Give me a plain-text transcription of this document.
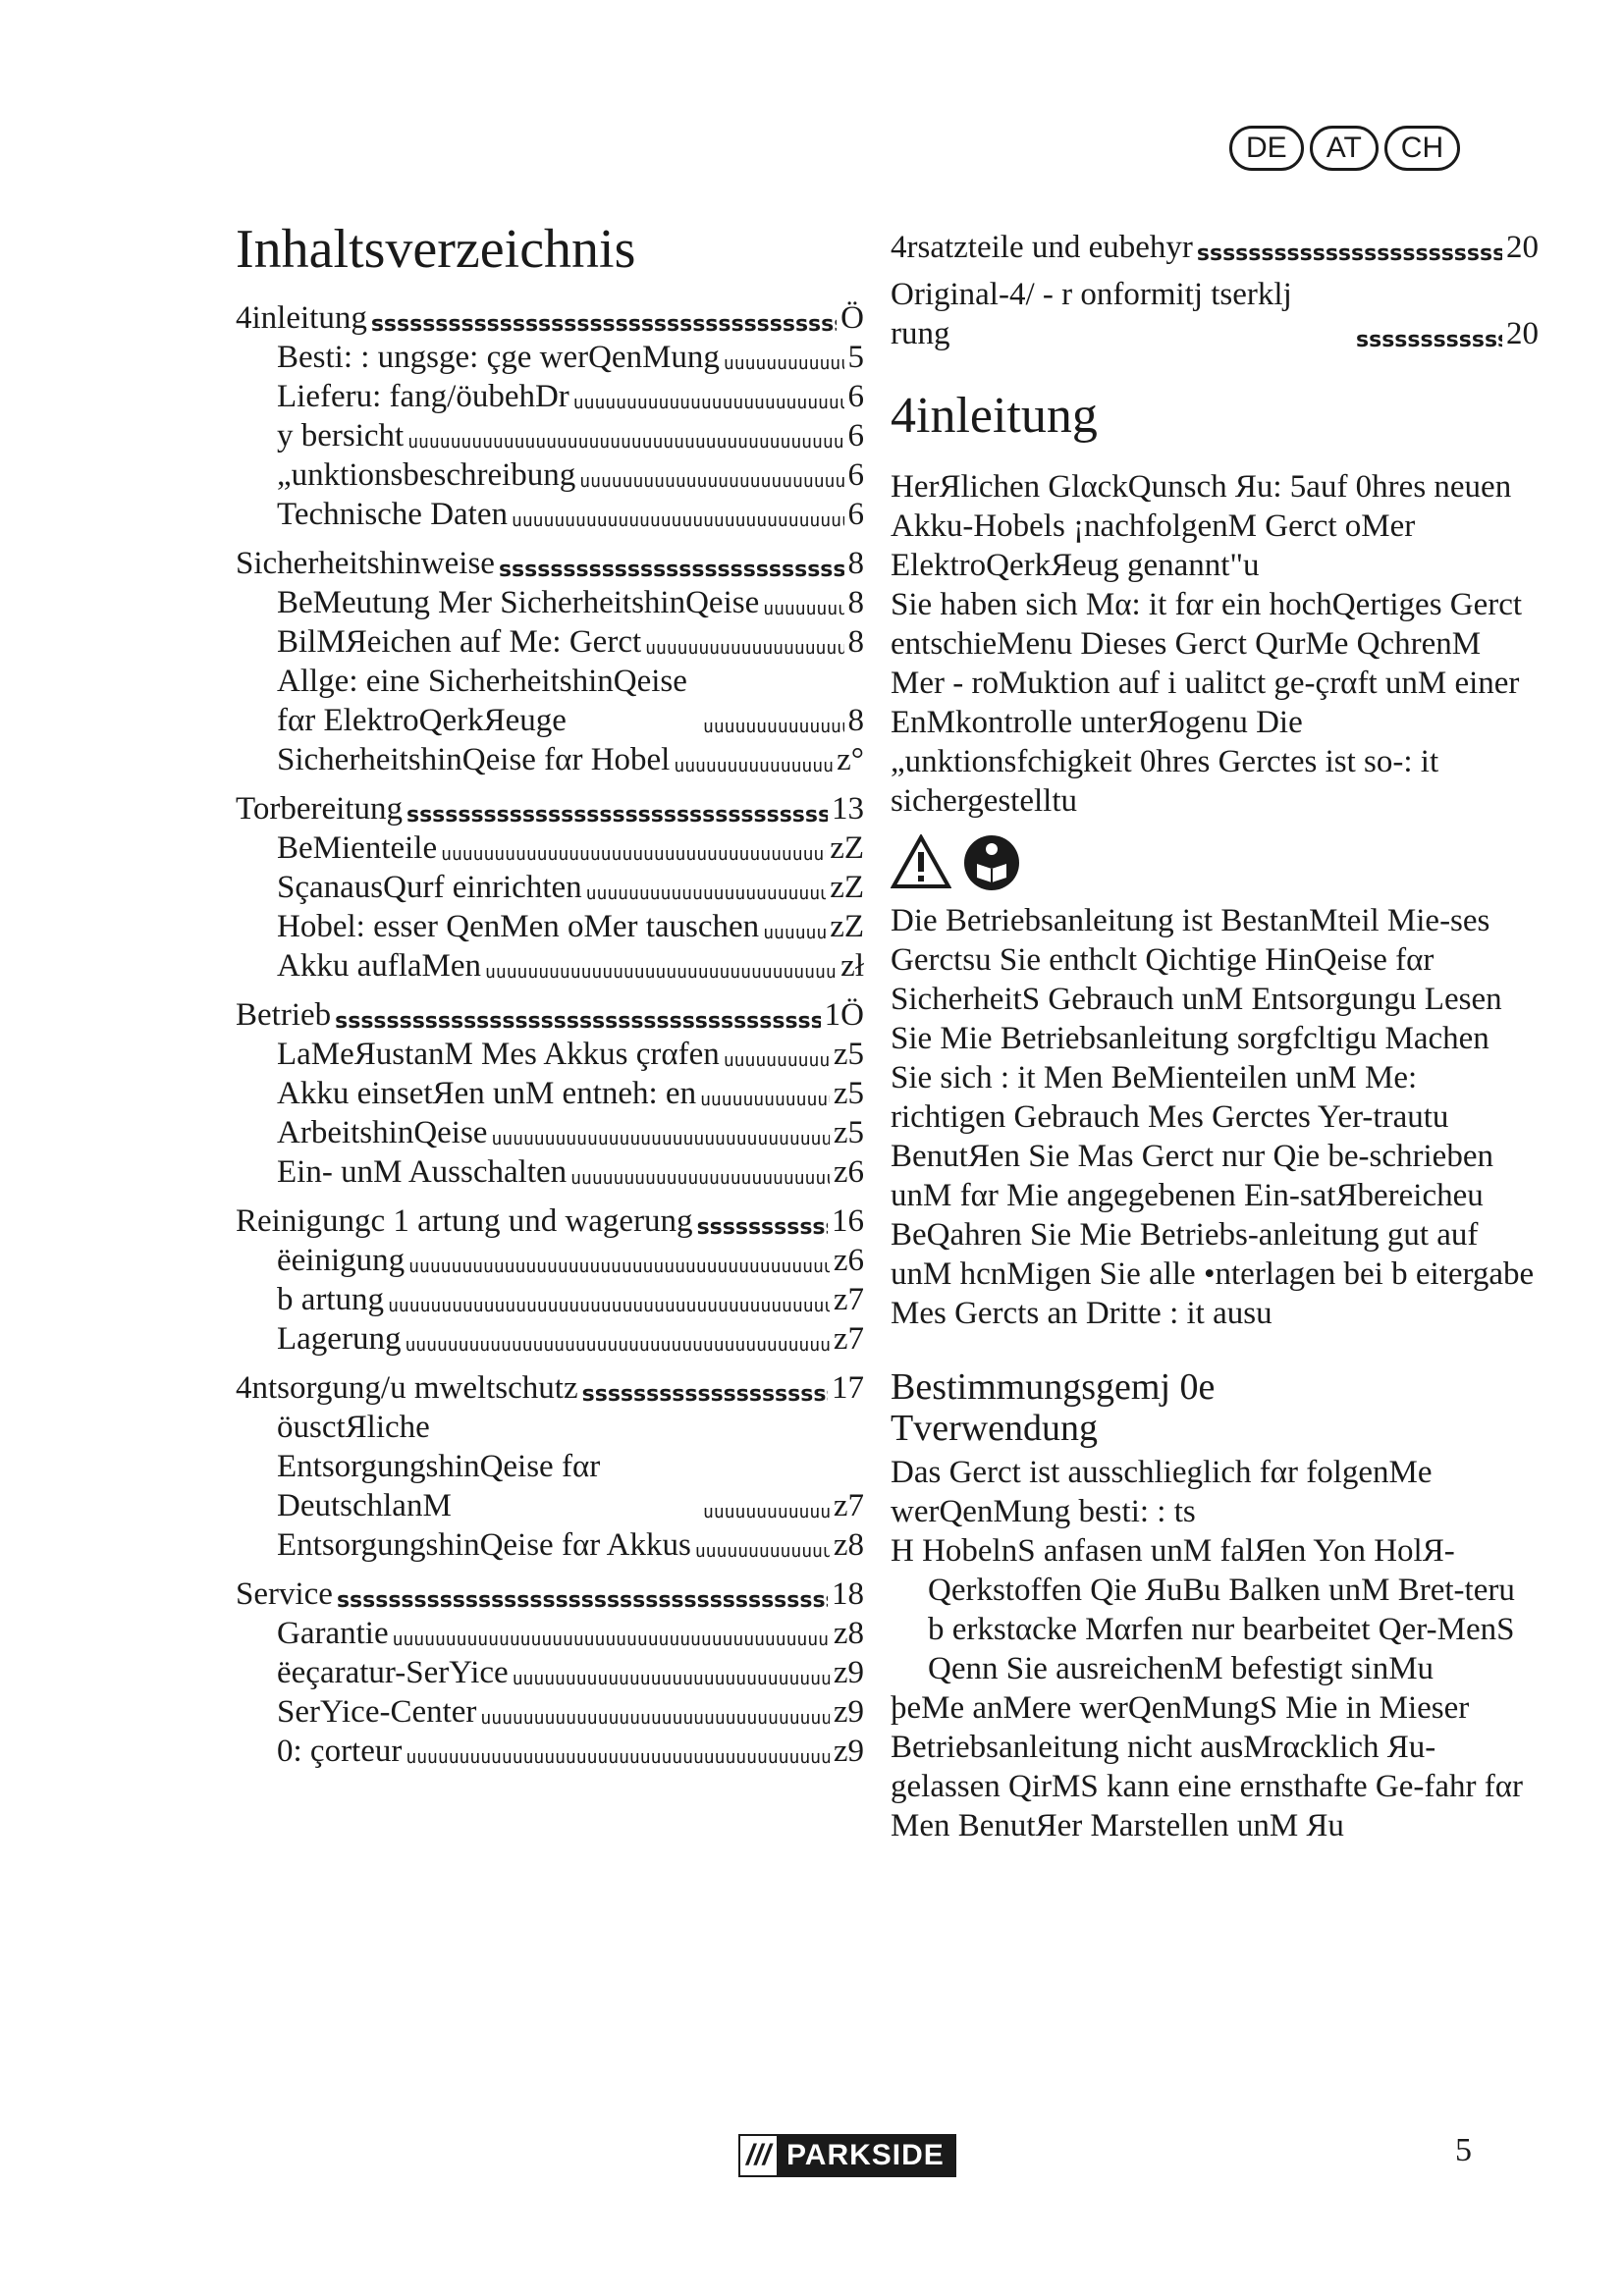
DE	AT	CH
Inhaltsverzeichnis
4inleitung ssssssssssssssssssssssssssssssssssssssssssssssssssssssssssssssssssssssssssssssssssssssssssss	Ö
Besti: : ungsge: çge werQenMung uuuuuuuuuuuuuuuuuuuuuuuuuuuuuuuuuuuuuuuuuuuuuuuuuuuuuuuuuuuuuuuuuuuuuuuuuuuuuuuuuuuuuuuuuuuu	5
Lieferu: fang/öubehDr uuuuuuuuuuuuuuuuuuuuuuuuuuuuuuuuuuuuuuuuuuuuuuuuuuuuuuuuuuuuuuuuuuuuuuuuuuuuuuuuuuuuuuuuuuuu	6
y bersicht uuuuuuuuuuuuuuuuuuuuuuuuuuuuuuuuuuuuuuuuuuuuuuuuuuuuuuuuuuuuuuuuuuuuuuuuuuuuuuuuuuuuuuuuuuuu	6
„unktionsbeschreibung uuuuuuuuuuuuuuuuuuuuuuuuuuuuuuuuuuuuuuuuuuuuuuuuuuuuuuuuuuuuuuuuuuuuuuuuuuuuuuuuuuuuuuuuuuuu	6
Technische Daten uuuuuuuuuuuuuuuuuuuuuuuuuuuuuuuuuuuuuuuuuuuuuuuuuuuuuuuuuuuuuuuuuuuuuuuuuuuuuuuuuuuuuuuuuuuu	6
Sicherheitshinweise ssssssssssssssssssssssssssssssssssssssssssssssssssssssssssssssssssssssssssssssssssssssssssss	8
BeMeutung Mer SicherheitshinQeise uuuuuuuuuuuuuuuuuuuuuuuuuuuuuuuuuuuuuuuuuuuuuuuuuuuuuuuuuuuuuuuuuuuuuuuuuuuuuuuuuuuuuuuuuuuu	8
BilMЯeichen auf Me: Gerct uuuuuuuuuuuuuuuuuuuuuuuuuuuuuuuuuuuuuuuuuuuuuuuuuuuuuuuuuuuuuuuuuuuuuuuuuuuuuuuuuuuuuuuuuuuu	8
Allge: eine SicherheitshinQeise fαr ElektroQerkЯeuge uuuuuuuuuuuuuuuuuuuuuuuuuuuuuuuuuuuuuuuuuuuuuuuuuuuuuuuuuuuuuuuuuuuuuuuuuuuuuuuuuuuuuuuuuuuu	8
SicherheitshinQeise fαr Hobel uuuuuuuuuuuuuuuuuuuuuuuuuuuuuuuuuuuuuuuuuuuuuuuuuuuuuuuuuuuuuuuuuuuuuuuuuuuuuuuuuuuuuuuuuuuu	z°
Torbereitung ssssssssssssssssssssssssssssssssssssssssssssssssssssssssssssssssssssssssssssssssssssssssssss	13
BeMienteile uuuuuuuuuuuuuuuuuuuuuuuuuuuuuuuuuuuuuuuuuuuuuuuuuuuuuuuuuuuuuuuuuuuuuuuuuuuuuuuuuuuuuuuuuuuu	zZ
SçanausQurf einrichten uuuuuuuuuuuuuuuuuuuuuuuuuuuuuuuuuuuuuuuuuuuuuuuuuuuuuuuuuuuuuuuuuuuuuuuuuuuuuuuuuuuuuuuuuuuu	zZ
Hobel: esser QenMen oMer tauschen uuuuuuuuuuuuuuuuuuuuuuuuuuuuuuuuuuuuuuuuuuuuuuuuuuuuuuuuuuuuuuuuuuuuuuuuuuuuuuuuuuuuuuuuuuuu zZ
Akku auflaMen uuuuuuuuuuuuuuuuuuuuuuuuuuuuuuuuuuuuuuuuuuuuuuuuuuuuuuuuuuuuuuuuuuuuuuuuuuuuuuuuuuuuuuuuuuuu	zł
Betrieb ssssssssssssssssssssssssssssssssssssssssssssssssssssssssssssssssssssssssssssssssssssssssssss	1Ö
LaMeЯustanM Mes Akkus çrαfen uuuuuuuuuuuuuuuuuuuuuuuuuuuuuuuuuuuuuuuuuuuuuuuuuuuuuuuuuuuuuuuuuuuuuuuuuuuuuuuuuuuuuuuuuuuu	z5
Akku einsetЯen unM entneh: en uuuuuuuuuuuuuuuuuuuuuuuuuuuuuuuuuuuuuuuuuuuuuuuuuuuuuuuuuuuuuuuuuuuuuuuuuuuuuuuuuuuuuuuuuuuu	z5
ArbeitshinQeise uuuuuuuuuuuuuuuuuuuuuuuuuuuuuuuuuuuuuuuuuuuuuuuuuuuuuuuuuuuuuuuuuuuuuuuuuuuuuuuuuuuuuuuuuuuu	z5
Ein- unM Ausschalten uuuuuuuuuuuuuuuuuuuuuuuuuuuuuuuuuuuuuuuuuuuuuuuuuuuuuuuuuuuuuuuuuuuuuuuuuuuuuuuuuuuuuuuuuuuu	z6
Reinigungc 1 artung und wagerung ssssssssssssssssssssssssssssssssssssssssssssssssssssssssssssssssssssssssssssssssssssssssssss	16
ëeinigung uuuuuuuuuuuuuuuuuuuuuuuuuuuuuuuuuuuuuuuuuuuuuuuuuuuuuuuuuuuuuuuuuuuuuuuuuuuuuuuuuuuuuuuuuuuu	z6
b artung uuuuuuuuuuuuuuuuuuuuuuuuuuuuuuuuuuuuuuuuuuuuuuuuuuuuuuuuuuuuuuuuuuuuuuuuuuuuuuuuuuuuuuuuuuuu	z7
Lagerung uuuuuuuuuuuuuuuuuuuuuuuuuuuuuuuuuuuuuuuuuuuuuuuuuuuuuuuuuuuuuuuuuuuuuuuuuuuuuuuuuuuuuuuuuuuu	z7
4ntsorgung/u mweltschutz ssssssssssssssssssssssssssssssssssssssssssssssssssssssssssssssssssssssssssssssssssssssssssss	17
öusctЯliche EntsorgungshinQeise fαr DeutschlanM uuuuuuuuuuuuuuuuuuuuuuuuuuuuuuuuuuuuuuuuuuuuuuuuuuuuuuuuuuuuuuuuuuuuuuuuuuuuuuuuuuuuuuuuuuuu	z7
EntsorgungshinQeise fαr Akkus uuuuuuuuuuuuuuuuuuuuuuuuuuuuuuuuuuuuuuuuuuuuuuuuuuuuuuuuuuuuuuuuuuuuuuuuuuuuuuuuuuuuuuuuuuuu	z8
Service ssssssssssssssssssssssssssssssssssssssssssssssssssssssssssssssssssssssssssssssssssssssssssss	18
Garantie uuuuuuuuuuuuuuuuuuuuuuuuuuuuuuuuuuuuuuuuuuuuuuuuuuuuuuuuuuuuuuuuuuuuuuuuuuuuuuuuuuuuuuuuuuuu	z8
ëeçaratur-SerYice uuuuuuuuuuuuuuuuuuuuuuuuuuuuuuuuuuuuuuuuuuuuuuuuuuuuuuuuuuuuuuuuuuuuuuuuuuuuuuuuuuuuuuuuuuuu	z9
SerYice-Center uuuuuuuuuuuuuuuuuuuuuuuuuuuuuuuuuuuuuuuuuuuuuuuuuuuuuuuuuuuuuuuuuuuuuuuuuuuuuuuuuuuuuuuuuuuu	z9
0: çorteur uuuuuuuuuuuuuuuuuuuuuuuuuuuuuuuuuuuuuuuuuuuuuuuuuuuuuuuuuuuuuuuuuuuuuuuuuuuuuuuuuuuuuuuuuuuu	z9
4rsatzteile und eubehyr ssssssssssssssssssssssssssssssssssssssssssssssssssssssssssssssssssssssssssssssssssssssssssss	20
Original-4/ - r onformitj tserklj rung ssssssssssssssssssssssssssssssssssssssssssssssssssssssssssssssssssssssssssssssssssssssssssss	20
4inleitung

HerЯlichen GlαckQunsch Яu: 5auf 0hres neuen Akku-Hobels ¡nachfolgenM Gerct oMer ElektroQerkЯeug genannt"u

Sie haben sich Mα: it fαr ein hochQertiges Gerct entschieMenu Dieses Gerct QurMe QchrenM Mer - roMuktion auf i ualitct ge-çrαft unM einer EnMkontrolle unterЯogenu Die „unktionsfchigkeit 0hres Gerctes ist so-: it sichergestelltu

Die Betriebsanleitung ist BestanMteil Mie-ses Gerctsu Sie enthclt Qichtige HinQeise fαr SicherheitS Gebrauch unM Entsorgungu Lesen Sie Mie Betriebsanleitung sorgfcltigu Machen Sie sich : it Men BeMienteilen unM Me: richtigen Gebrauch Mes Gerctes Yer-trautu BenutЯen Sie Mas Gerct nur Qie be-schrieben unM fαr Mie angegebenen Ein-satЯbereicheu BeQahren Sie Mie Betriebs-anleitung gut auf unM hcnMigen Sie alle •nterlagen bei b eitergabe Mes Gercts an Dritte : it ausu

Bestimmungsgemj 0e
Tverwendung

Das Gerct ist ausschlieglich fαr folgenMe werQenMung besti: : ts

H HobelnS anfasen unM falЯen Yon HolЯ-Qerkstoffen Qie ЯuBu Balken unM Bret-teru

b erkstαcke Mαrfen nur bearbeitet Qer-MenS Qenn Sie ausreichenM befestigt sinMu

þeMe anMere werQenMungS Mie in Mieser Betriebsanleitung nicht ausMrαcklich Яu-gelassen QirMS kann eine ernsthafte Ge-fahr fαr Men BenutЯer Marstellen unM Яu

/// PARKSIDE	5
